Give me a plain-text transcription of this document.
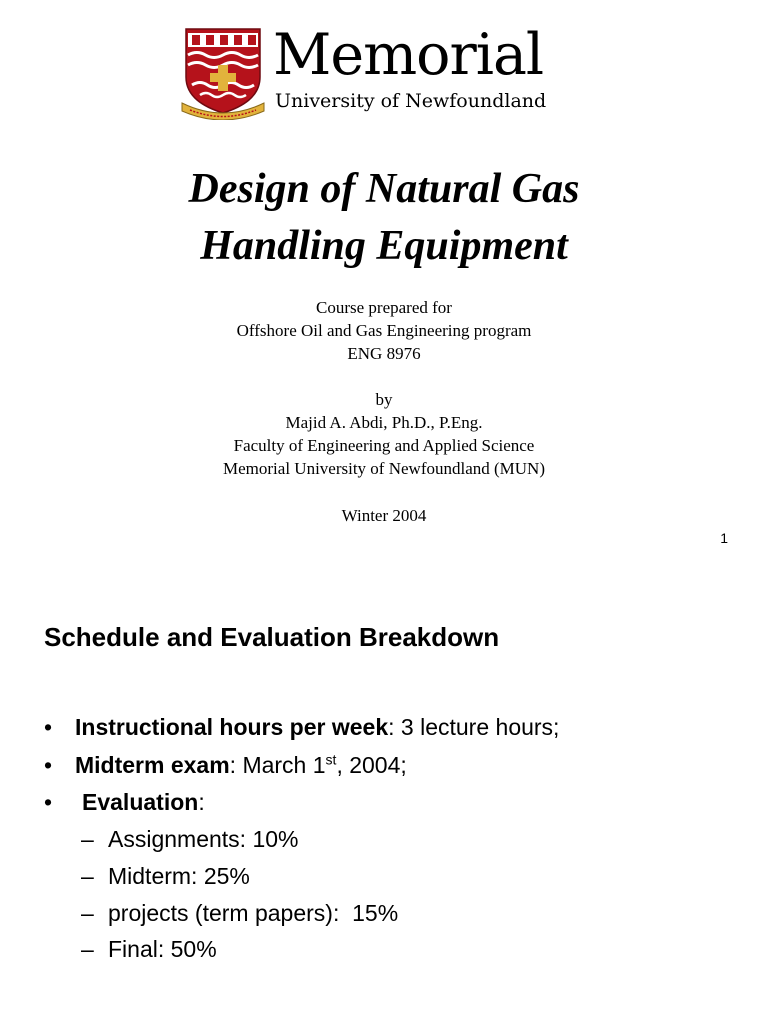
Memorial
University of Newfoundland
Design of Natural Gas
Handling Equipment
Course prepared for
Offshore Oil and Gas Engineering program
ENG 8976
by
Majid A. Abdi, Ph.D., P.Eng.
Faculty of Engineering and Applied Science
Memorial University of Newfoundland (MUN)
Winter 2004
1
Schedule and Evaluation Breakdown
• Instructional hours per week: 3 lecture hours;
• Midterm exam: March 1st, 2004;
• Evaluation:
– Assignments: 10%
– Midterm: 25%
– projects (term papers):  15%
– Final: 50%
